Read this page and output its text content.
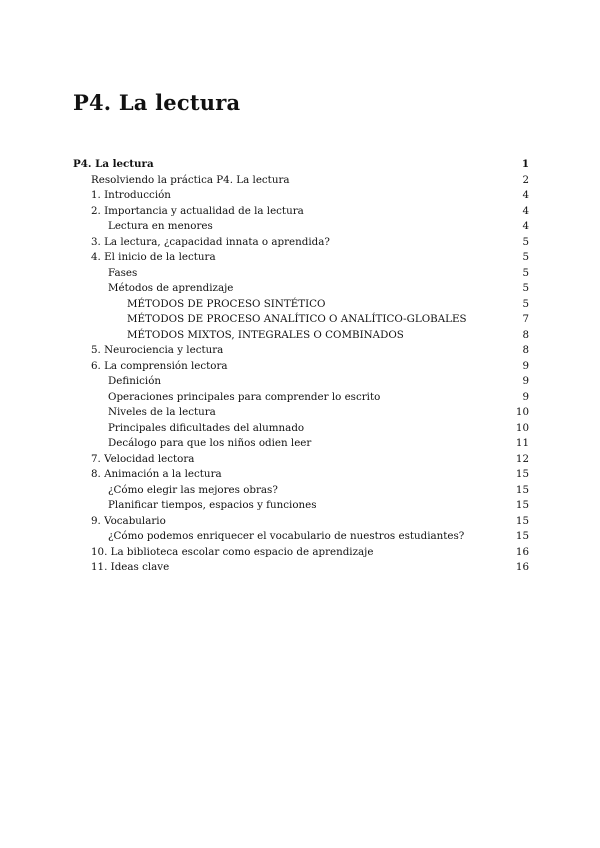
P4. La lectura
P4. La lectura	1
Resolviendo la práctica P4. La lectura	2
1. Introducción	4
2. Importancia y actualidad de la lectura	4
Lectura en menores	4
3. La lectura, ¿capacidad innata o aprendida?	5
4. El inicio de la lectura	5
Fases	5
Métodos de aprendizaje	5
MÉTODOS DE PROCESO SINTÉTICO	5
MÉTODOS DE PROCESO ANALÍTICO O ANALÍTICO-GLOBALES	7
MÉTODOS MIXTOS, INTEGRALES O COMBINADOS	8
5. Neurociencia y lectura	8
6. La comprensión lectora	9
Definición	9
Operaciones principales para comprender lo escrito	9
Niveles de la lectura	10
Principales dificultades del alumnado	10
Decálogo para que los niños odien leer	11
7. Velocidad lectora	12
8. Animación a la lectura	15
¿Cómo elegir las mejores obras?	15
Planificar tiempos, espacios y funciones	15
9. Vocabulario	15
¿Cómo podemos enriquecer el vocabulario de nuestros estudiantes?	15
10. La biblioteca escolar como espacio de aprendizaje	16
11. Ideas clave	16
